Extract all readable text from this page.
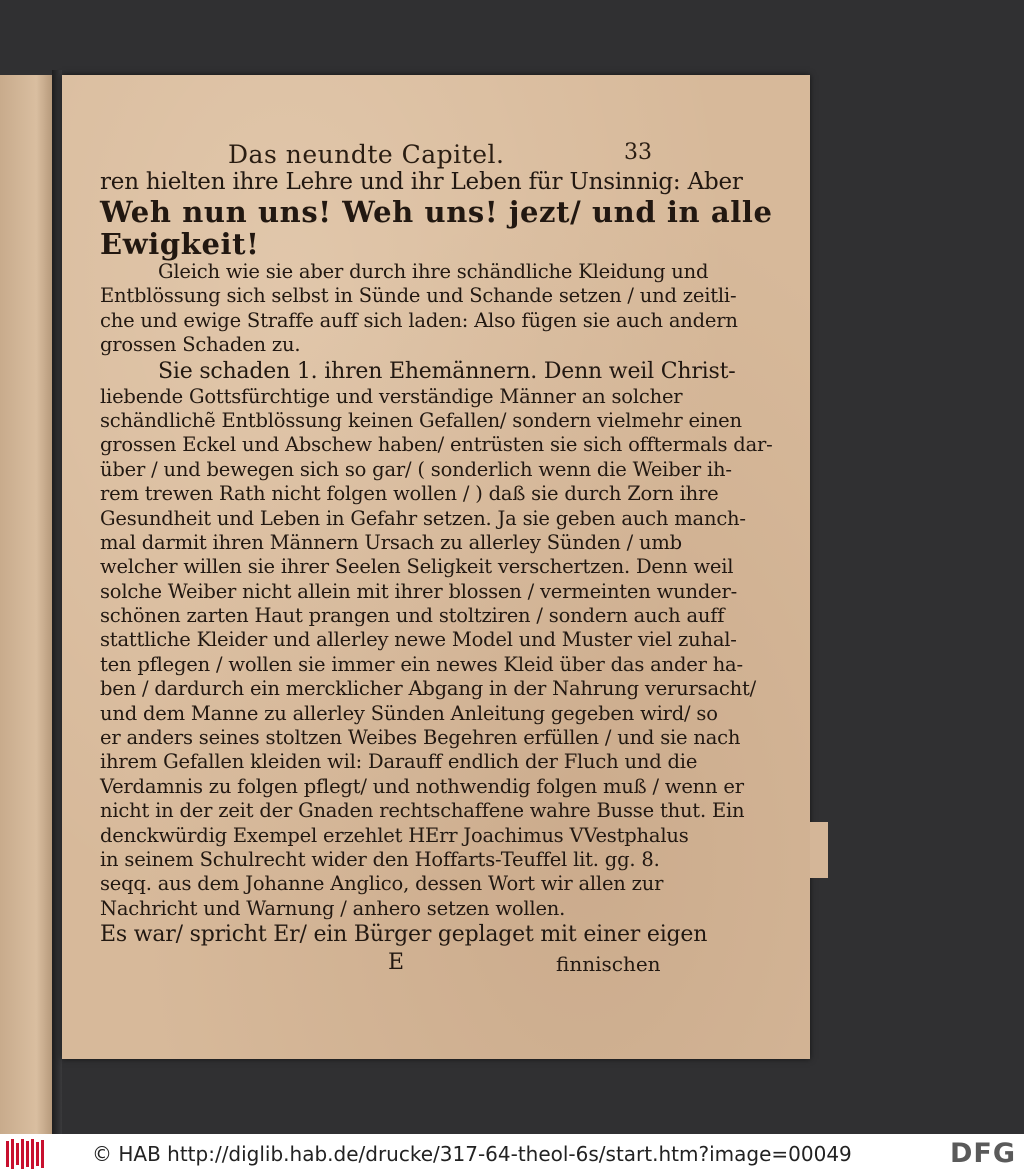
Das neundte Capitel.	33
ren hielten ihre Lehre und ihr Leben für Unsinnig: Aber
Weh nun uns! Weh uns! jezt/ und in alle
Ewigkeit!
Gleich wie sie aber durch ihre schändliche Kleidung und
Entblössung sich selbst in Sünde und Schande setzen / und zeitli-
che und ewige Straffe auff sich laden: Also fügen sie auch andern
grossen Schaden zu.
Sie schaden 1. ihren Ehemännern. Denn weil Christ-
liebende Gottsfürchtige und verständige Männer an solcher
schändlichẽ Entblössung keinen Gefallen/ sondern vielmehr einen
grossen Eckel und Abschew haben/ entrüsten sie sich offtermals dar-
über / und bewegen sich so gar/ ( sonderlich wenn die Weiber ih-
rem trewen Rath nicht folgen wollen / ) daß sie durch Zorn ihre
Gesundheit und Leben in Gefahr setzen. Ja sie geben auch manch-
mal darmit ihren Männern Ursach zu allerley Sünden / umb
welcher willen sie ihrer Seelen Seligkeit verschertzen. Denn weil
solche Weiber nicht allein mit ihrer blossen / vermeinten wunder-
schönen zarten Haut prangen und stoltziren / sondern auch auff
stattliche Kleider und allerley newe Model und Muster viel zuhal-
ten pflegen / wollen sie immer ein newes Kleid über das ander ha-
ben / dardurch ein mercklicher Abgang in der Nahrung verursacht/
und dem Manne zu allerley Sünden Anleitung gegeben wird/ so
er anders seines stoltzen Weibes Begehren erfüllen / und sie nach
ihrem Gefallen kleiden wil: Darauff endlich der Fluch und die
Verdamnis zu folgen pflegt/ und nothwendig folgen muß / wenn er
nicht in der zeit der Gnaden rechtschaffene wahre Busse thut. Ein
denckwürdig Exempel erzehlet HErr Joachimus VVestphalus
in seinem Schulrecht wider den Hoffarts-Teuffel lit. gg. 8.
seqq. aus dem Johanne Anglico, dessen Wort wir allen zur
Nachricht und Warnung / anhero setzen wollen.
Es war/ spricht Er/ ein Bürger geplaget mit einer eigen
E	finnischen
© HAB http://diglib.hab.de/drucke/317-64-theol-6s/start.htm?image=00049	DFG
